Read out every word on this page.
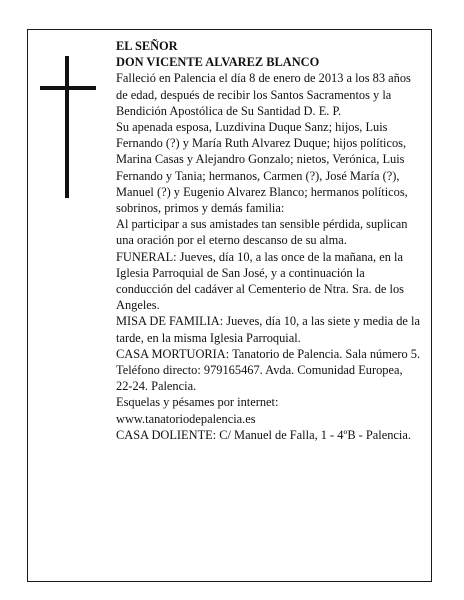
EL SEÑOR
DON VICENTE ALVAREZ BLANCO

Falleció en Palencia el día 8 de enero de 2013 a los 83 años de edad, después de recibir los Santos Sacramentos y la Bendición Apostólica de Su Santidad D. E. P.

Su apenada esposa, Luzdivina Duque Sanz; hijos, Luis Fernando (?) y María Ruth Alvarez Duque; hijos políticos, Marina Casas y Alejandro Gonzalo; nietos, Verónica, Luis Fernando y Tania; hermanos, Carmen (?), José María (?), Manuel (?) y Eugenio Alvarez Blanco; hermanos políticos, sobrinos, primos y demás familia:

Al participar a sus amistades tan sensible pérdida, suplican una oración por el eterno descanso de su alma.

FUNERAL: Jueves, día 10, a las once de la mañana, en la Iglesia Parroquial de San José, y a continuación la conducción del cadáver al Cementerio de Ntra. Sra. de los Angeles.

MISA DE FAMILIA: Jueves, día 10, a las siete y media de la tarde, en la misma Iglesia Parroquial.

CASA MORTUORIA: Tanatorio de Palencia. Sala número 5. Teléfono directo: 979165467. Avda. Comunidad Europea, 22-24. Palencia.

Esquelas y pésames por internet:

www.tanatoriodepalencia.es

CASA DOLIENTE: C/ Manuel de Falla, 1 - 4ºB - Palencia.
